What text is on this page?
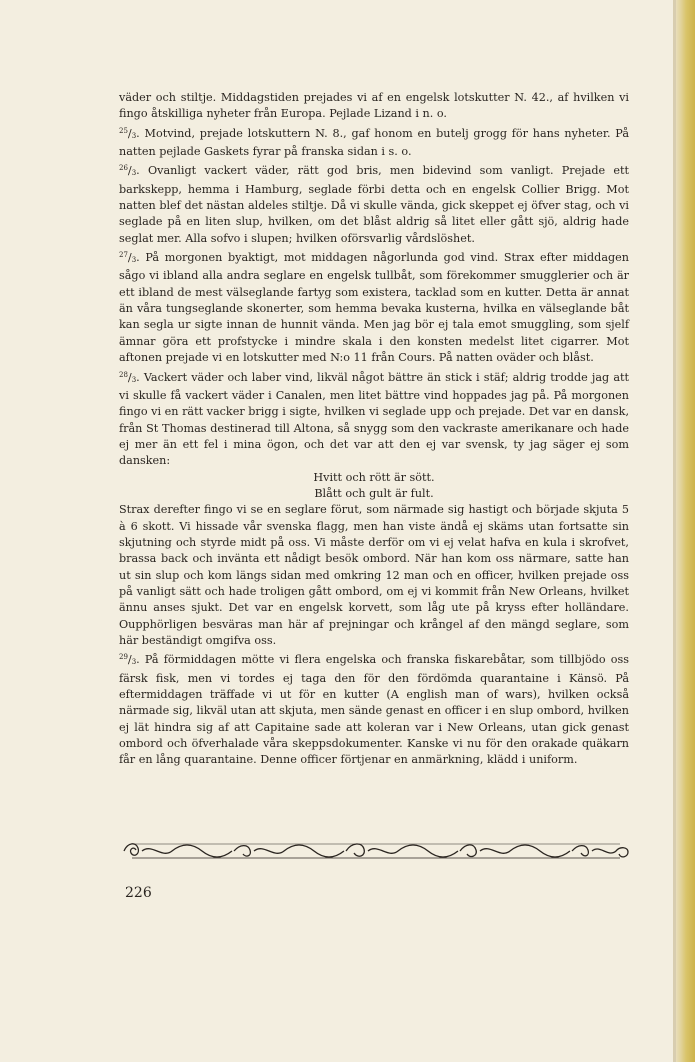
väder och stiltje. Middagstiden prejades vi af en engelsk lotskutter N. 42., af hvilken vi fingo åtskilliga nyheter från Europa. Pejlade Lizand i n. o.

$^{25}/_3$. Motvind, prejade lotskuttern N. 8., gaf honom en butelj grogg för hans nyheter. På natten pejlade Gaskets fyrar på franska sidan i s. o.

$^{26}/_3$. Ovanligt vackert väder, rätt god bris, men bidevind som vanligt. Prejade ett barkskepp, hemma i Hamburg, seglade förbi detta och en engelsk Collier Brigg. Mot natten blef det nästan aldeles stiltje. Då vi skulle vända, gick skeppet ej öfver stag, och vi seglade på en liten slup, hvilken, om det blåst aldrig så litet eller gått sjö, aldrig hade seglat mer. Alla sofvo i slupen; hvilken oförsvarlig vårdslöshet.

$^{27}/_3$. På morgonen byaktigt, mot middagen någorlunda god vind. Strax efter middagen sågo vi ibland alla andra seglare en engelsk tullbåt, som förekommer smugglerier och är ett ibland de mest välseglande fartyg som existera, tacklad som en kutter. Detta är annat än våra tungseglande skonerter, som hemma bevaka kusterna, hvilka en välseglande båt kan segla ur sigte innan de hunnit vända. Men jag bör ej tala emot smuggling, som sjelf ämnar göra ett profstycke i mindre skala i den konsten medelst litet cigarrer. Mot aftonen prejade vi en lotskutter med N:o 11 från Cours. På natten oväder och blåst.

$^{28}/_3$. Vackert väder och laber vind, likväl något bättre än stick i stäf; aldrig trodde jag att vi skulle få vackert väder i Canalen, men litet bättre vind hoppades jag på. På morgonen fingo vi en rätt vacker brigg i sigte, hvilken vi seglade upp och prejade. Det var en dansk, från St Thomas destinerad till Altona, så snygg som den vackraste amerikanare och hade ej mer än ett fel i mina ögon, och det var att den ej var svensk, ty jag säger ej som dansken:

Hvitt och rött är sött.

Blått och gult är fult.

Strax derefter fingo vi se en seglare förut, som närmade sig hastigt och började skjuta 5 à 6 skott. Vi hissade vår svenska flagg, men han viste ändå ej skäms utan fortsatte sin skjutning och styrde midt på oss. Vi måste derför om vi ej velat hafva en kula i skrofvet, brassa back och invänta ett nådigt besök ombord. När han kom oss närmare, satte han ut sin slup och kom längs sidan med omkring 12 man och en officer, hvilken prejade oss på vanligt sätt och hade troligen gått ombord, om ej vi kommit från New Orleans, hvilket ännu anses sjukt. Det var en engelsk korvett, som låg ute på kryss efter holländare. Oupphörligen besväras man här af prejningar och krångel af den mängd seglare, som här beständigt omgifva oss.

$^{29}/_3$. På förmiddagen mötte vi flera engelska och franska fiskarebåtar, som tillbjödo oss färsk fisk, men vi tordes ej taga den för den fördömda quarantaine i Känsö. På eftermiddagen träffade vi ut för en kutter (A english man of wars), hvilken också närmade sig, likväl utan att skjuta, men sände genast en officer i en slup ombord, hvilken ej lät hindra sig af att Capitaine sade att koleran var i New Orleans, utan gick genast ombord och öfverhalade våra skeppsdokumenter. Kanske vi nu för den orakade quäkarn får en lång quarantaine. Denne officer förtjenar en anmärkning, klädd i uniform.

226
